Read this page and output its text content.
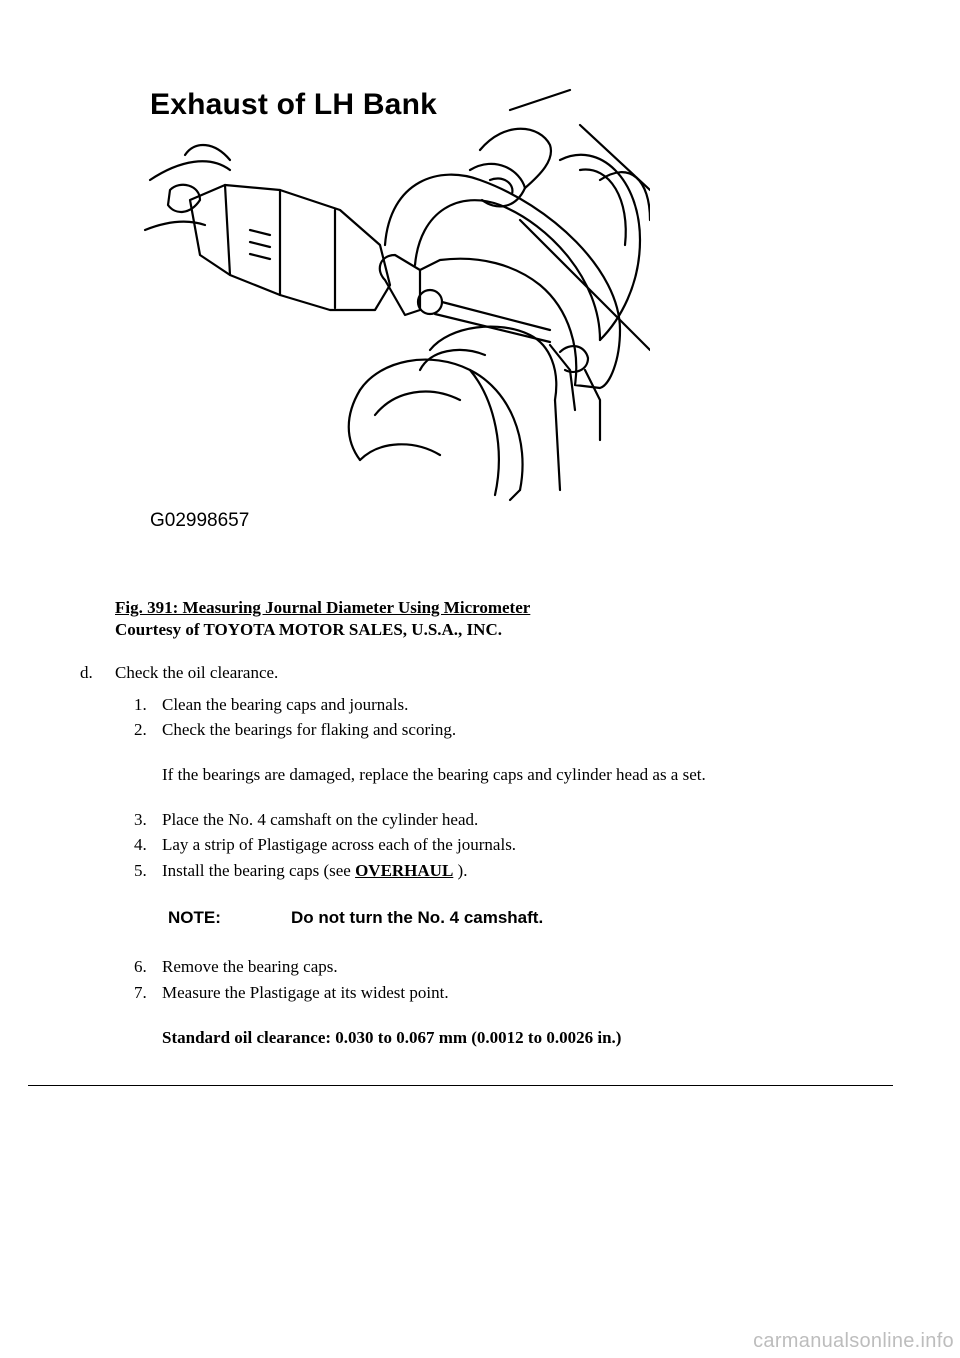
Exhaust of LH Bank
G02998657
Fig. 391: Measuring Journal Diameter Using Micrometer
Courtesy of TOYOTA MOTOR SALES, U.S.A., INC.
d. Check the oil clearance.
1. Clean the bearing caps and journals.
2. Check the bearings for flaking and scoring.
If the bearings are damaged, replace the bearing caps and cylinder head as a set.
3. Place the No. 4 camshaft on the cylinder head.
4. Lay a strip of Plastigage across each of the journals.
5. Install the bearing caps (see OVERHAUL ).
NOTE:	Do not turn the No. 4 camshaft.
6. Remove the bearing caps.
7. Measure the Plastigage at its widest point.
Standard oil clearance: 0.030 to 0.067 mm (0.0012 to 0.0026 in.)
carmanualsonline.info
